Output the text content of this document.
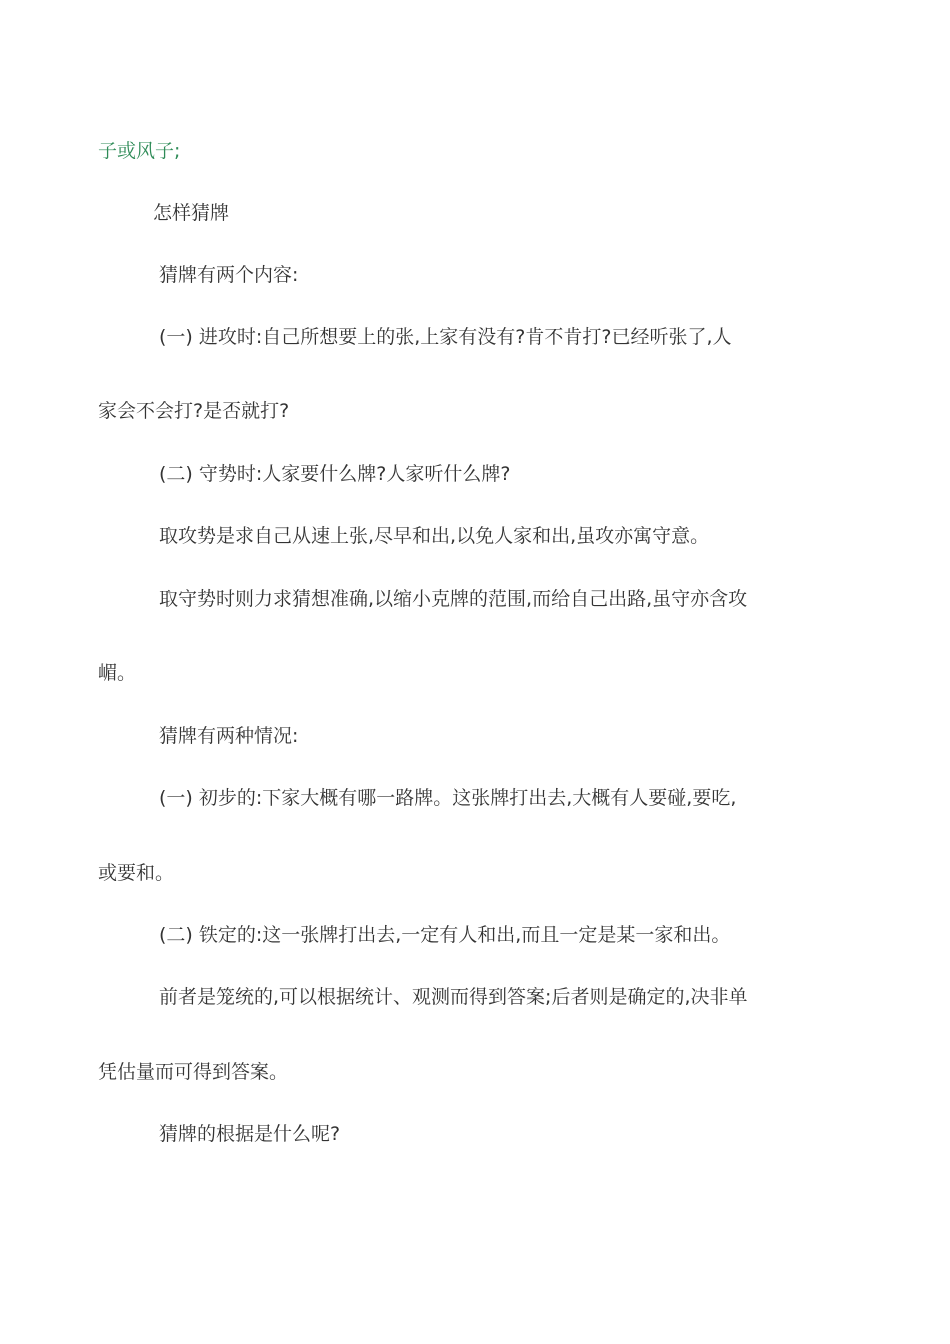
子或风子;
怎样猜牌
猜牌有两个内容:
(一) 进攻时:自己所想要上的张,上家有没有?肯不肯打?已经听张了,人
家会不会打?是否就打?
(二) 守势时:人家要什么牌?人家听什么牌?
取攻势是求自己从速上张,尽早和出,以免人家和出,虽攻亦寓守意。
取守势时则力求猜想准确,以缩小克牌的范围,而给自己出路,虽守亦含攻
嵋。
猜牌有两种情况:
(一) 初步的:下家大概有哪一路牌。这张牌打出去,大概有人要碰,要吃,
或要和。
(二) 铁定的:这一张牌打出去,一定有人和出,而且一定是某一家和出。
前者是笼统的,可以根据统计、观测而得到答案;后者则是确定的,决非单
凭估量而可得到答案。
猜牌的根据是什么呢?
